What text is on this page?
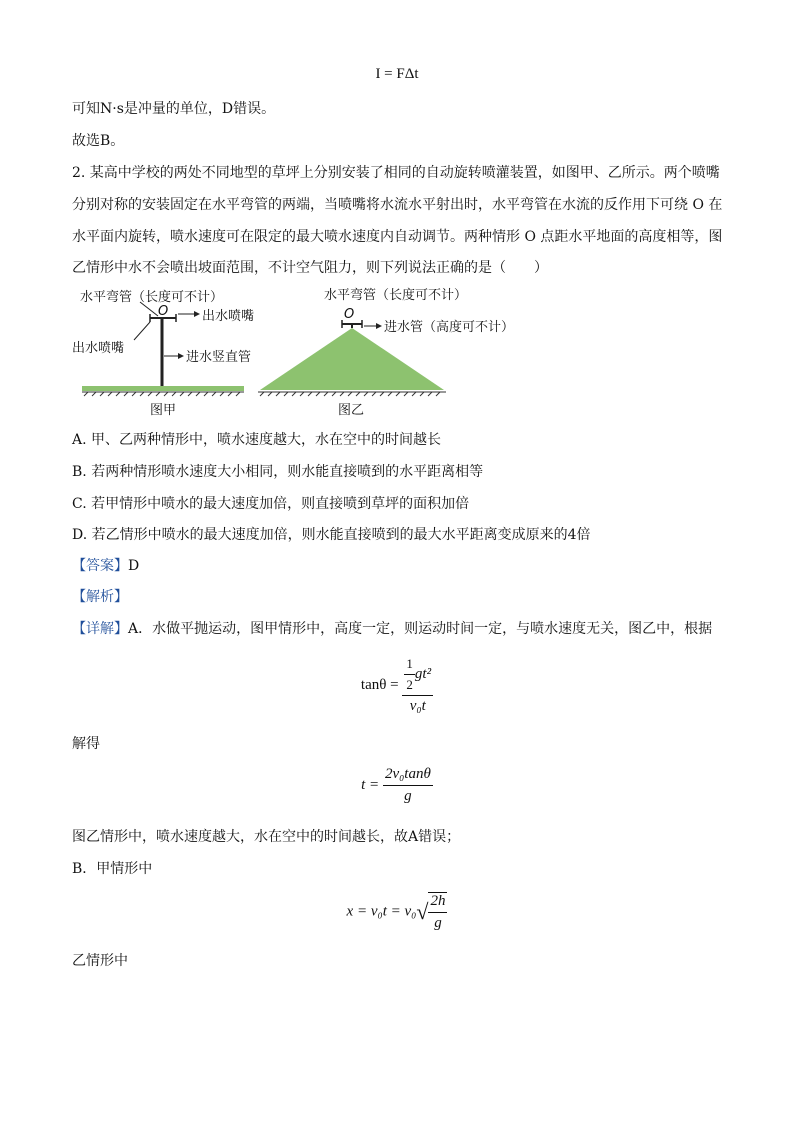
I = FΔt
可知N·s是冲量的单位，D错误。
故选B。
2. 某高中学校的两处不同地型的草坪上分别安装了相同的自动旋转喷灌装置，如图甲、乙所示。两个喷嘴
分别对称的安装固定在水平弯管的两端，当喷嘴将水流水平射出时，水平弯管在水流的反作用下可绕 O 在
水平面内旋转，喷水速度可在限定的最大喷水速度内自动调节。两种情形 O 点距水平地面的高度相等，图
乙情形中水不会喷出坡面范围，不计空气阻力，则下列说法正确的是（　　）
水平弯管（长度可不计）
O	出水喷嘴
出水喷嘴
进水竖直管
图甲
水平弯管（长度可不计）
O
进水管（高度可不计）
图乙
A. 甲、乙两种情形中，喷水速度越大，水在空中的时间越长
B. 若两种情形喷水速度大小相同，则水能直接喷到的水平距离相等
C. 若甲情形中喷水的最大速度加倍，则直接喷到草坪的面积加倍
D. 若乙情形中喷水的最大速度加倍，则水能直接喷到的最大水平距离变成原来的4倍
【答案】D
【解析】
【详解】A．水做平抛运动，图甲情形中，高度一定，则运动时间一定，与喷水速度无关，图乙中，根据
$\tan\theta = \frac{\frac{1}{2} gt^2}{\text{v₀t}}$
解得
$t = \frac{\text{2v₀tanθ}}{g}$
图乙情形中，喷水速度越大，水在空中的时间越长，故A错误；
B．甲情形中
$x = v_0t = v_0√ \frac{2h}{g}$
乙情形中
